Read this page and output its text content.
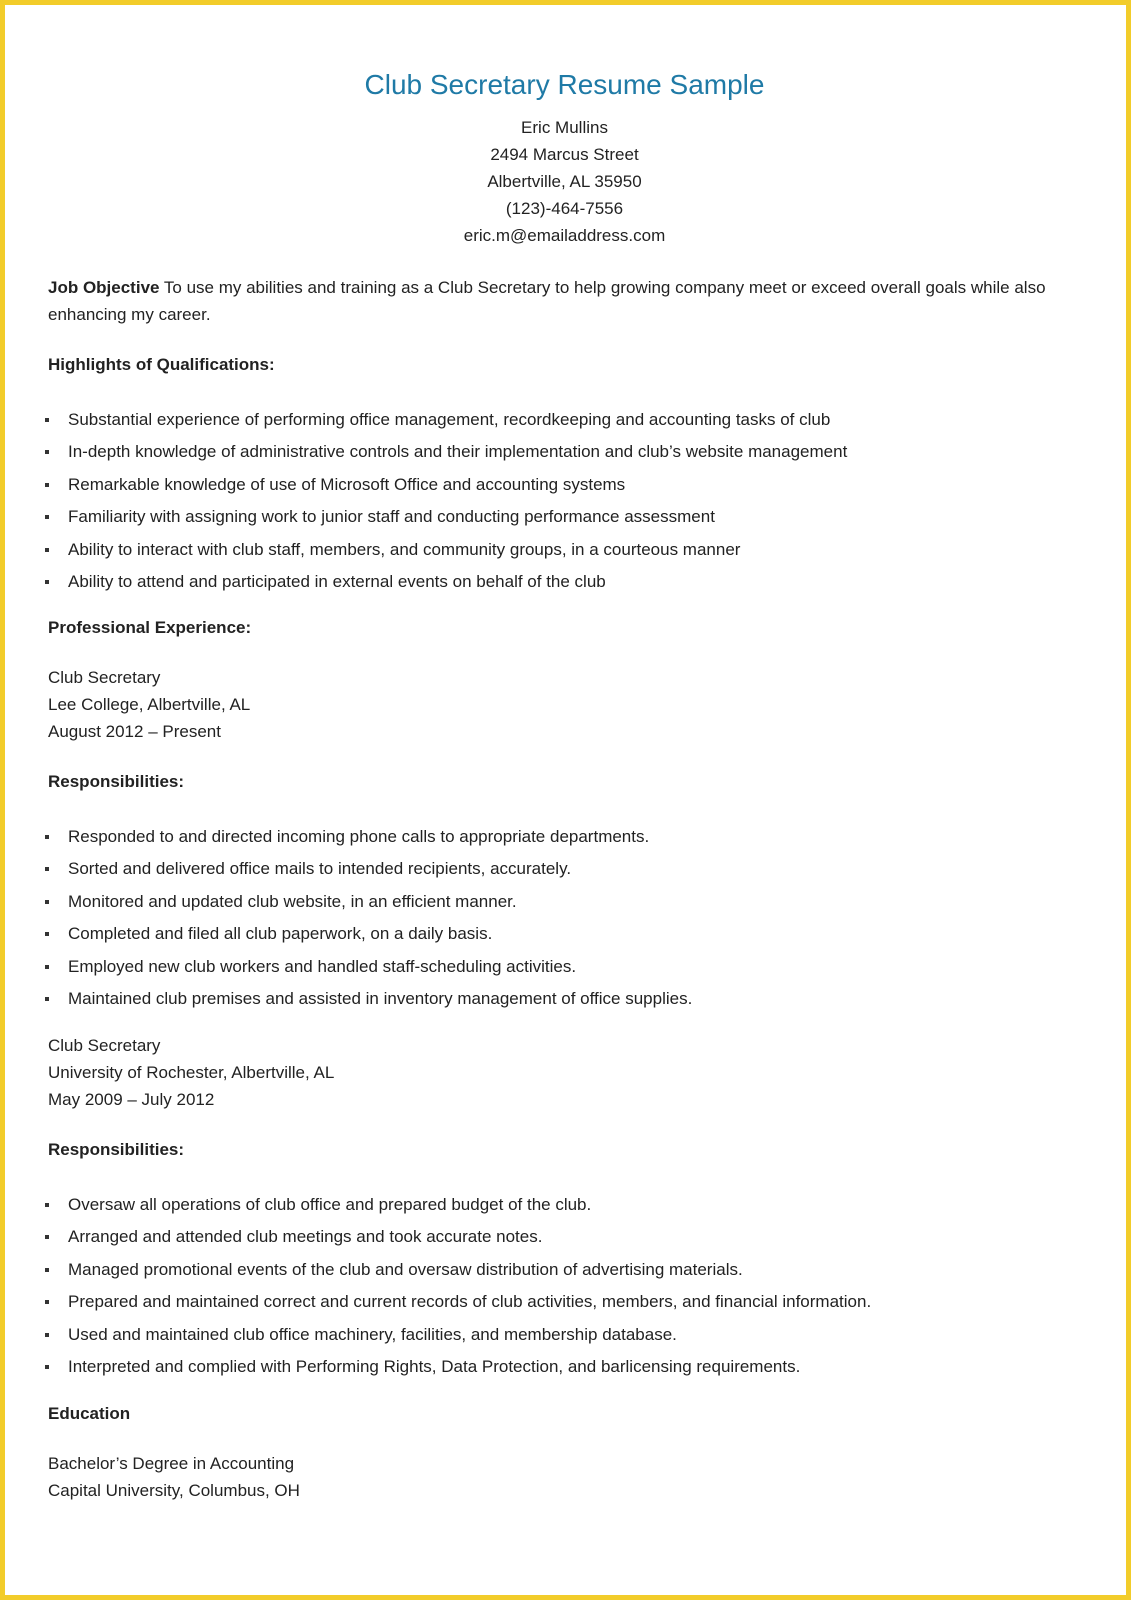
Club Secretary Resume Sample
Eric Mullins
2494 Marcus Street
Albertville, AL 35950
(123)-464-7556
eric.m@emailaddress.com
Job Objective To use my abilities and training as a Club Secretary to help growing company meet or exceed overall goals while also enhancing my career.
Highlights of Qualifications:
Substantial experience of performing office management, recordkeeping and accounting tasks of club
In-depth knowledge of administrative controls and their implementation and club’s website management
Remarkable knowledge of use of Microsoft Office and accounting systems
Familiarity with assigning work to junior staff and conducting performance assessment
Ability to interact with club staff, members, and community groups, in a courteous manner
Ability to attend and participated in external events on behalf of the club
Professional Experience:
Club Secretary
Lee College, Albertville, AL
August 2012 – Present
Responsibilities:
Responded to and directed incoming phone calls to appropriate departments.
Sorted and delivered office mails to intended recipients, accurately.
Monitored and updated club website, in an efficient manner.
Completed and filed all club paperwork, on a daily basis.
Employed new club workers and handled staff-scheduling activities.
Maintained club premises and assisted in inventory management of office supplies.
Club Secretary
University of Rochester, Albertville, AL
May 2009 – July 2012
Responsibilities:
Oversaw all operations of club office and prepared budget of the club.
Arranged and attended club meetings and took accurate notes.
Managed promotional events of the club and oversaw distribution of advertising materials.
Prepared and maintained correct and current records of club activities, members, and financial information.
Used and maintained club office machinery, facilities, and membership database.
Interpreted and complied with Performing Rights, Data Protection, and barlicensing requirements.
Education
Bachelor’s Degree in Accounting
Capital University, Columbus, OH
